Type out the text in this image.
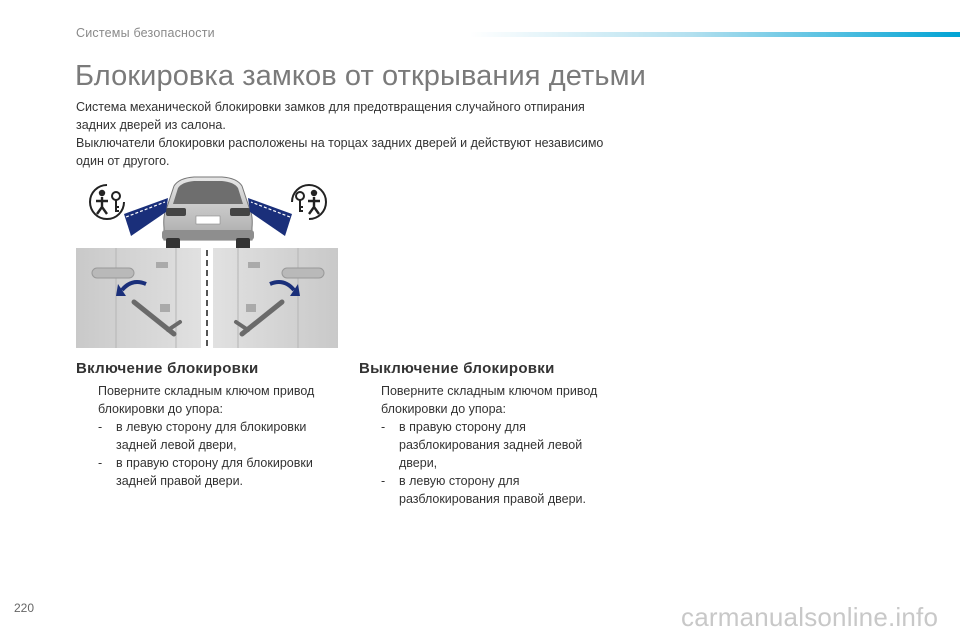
Системы безопасности
Блокировка замков от открывания детьми

Система механической блокировки замков для предотвращения случайного отпирания

задних дверей из салона.

Выключатели блокировки расположены на торцах задних дверей и действуют независимо

один от другого.

Включение блокировки
Поверните складным ключом привод
блокировки до упора:
- в левую сторону для блокировки
задней левой двери,
- в правую сторону для блокировки
задней правой двери.
Выключение блокировки
Поверните складным ключом привод
блокировки до упора:
- в правую сторону для
разблокирования задней левой
двери,
- в левую сторону для
разблокирования правой двери.
220	carmanualsonline.info
